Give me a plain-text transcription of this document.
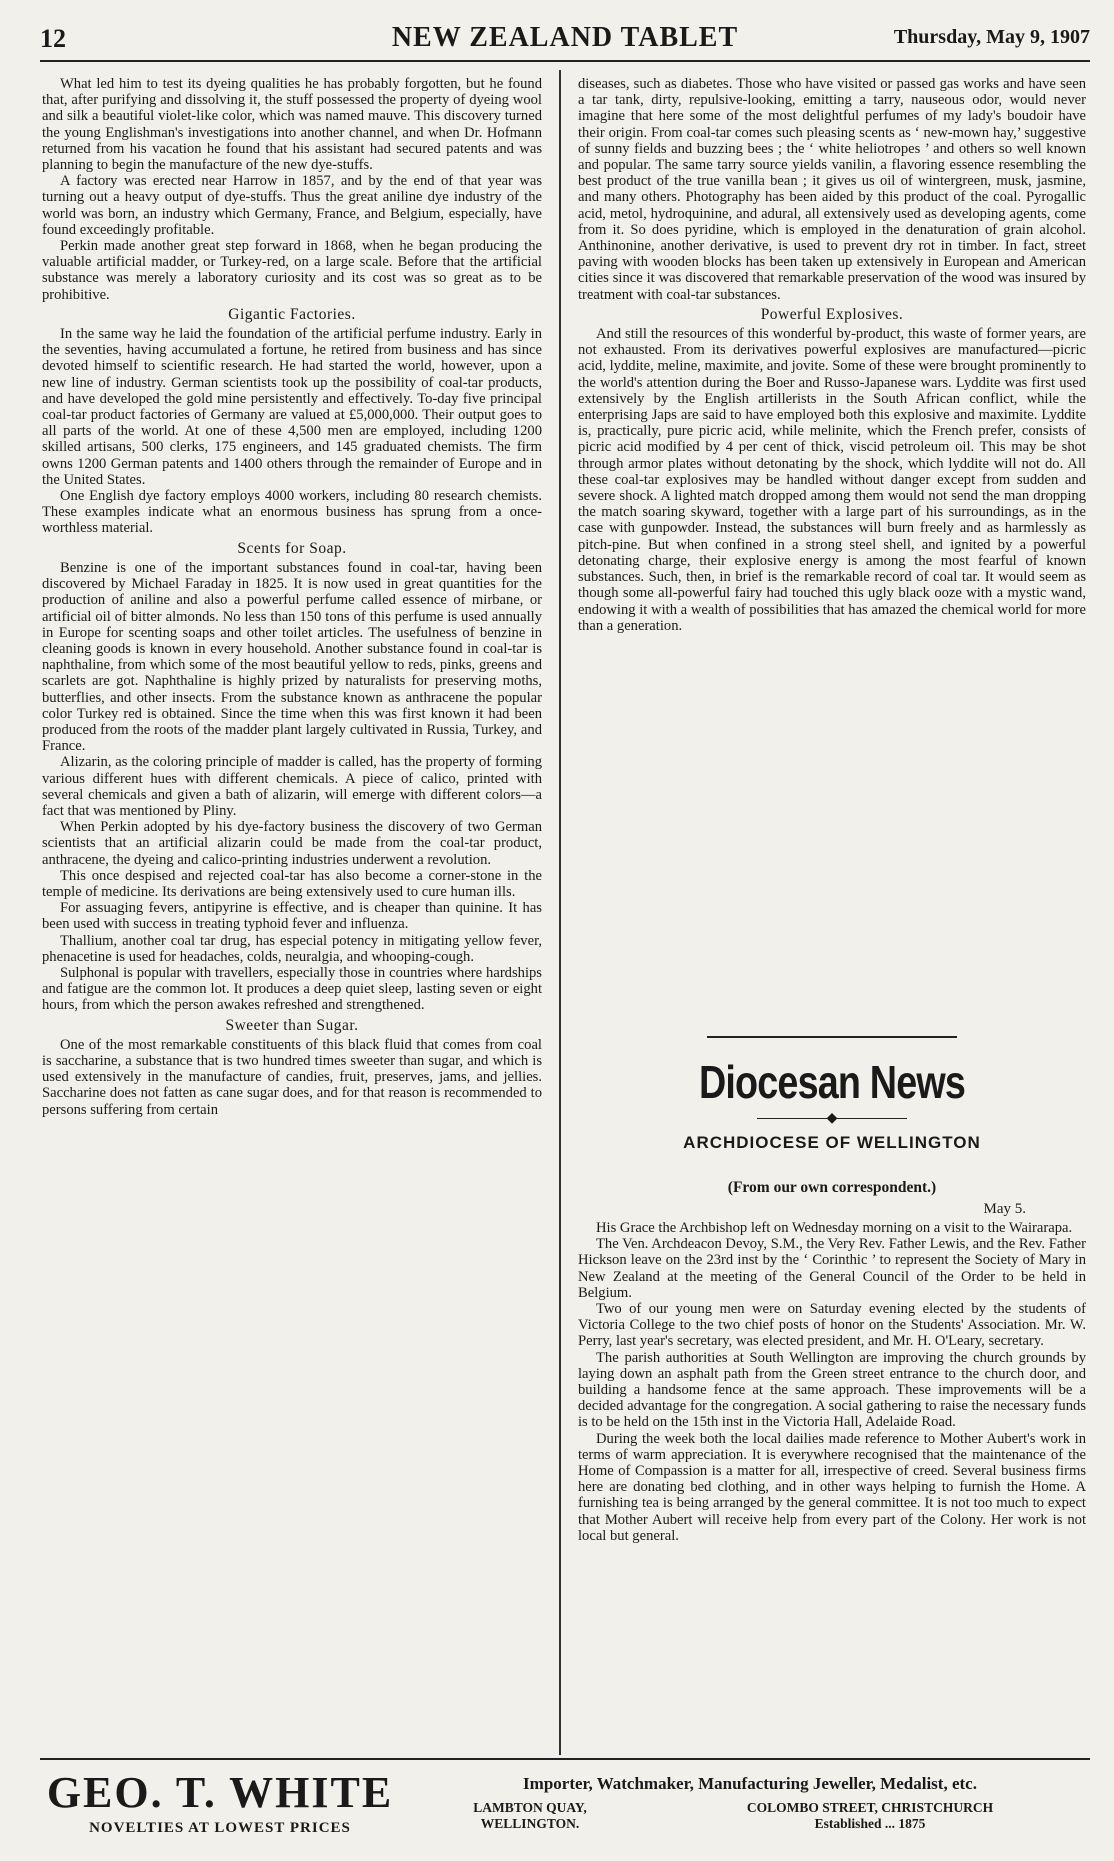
12	NEW ZEALAND TABLET	Thursday, May 9, 1907

What led him to test its dyeing qualities he has probably forgotten, but he found that, after purifying and dissolving it, the stuff possessed the property of dyeing wool and silk a beautiful violet-like color, which was named mauve. This discovery turned the young Englishman's investigations into another channel, and when Dr. Hofmann returned from his vacation he found that his assistant had secured patents and was planning to begin the manufacture of the new dye-stuffs.

A factory was erected near Harrow in 1857, and by the end of that year was turning out a heavy output of dye-stuffs. Thus the great aniline dye industry of the world was born, an industry which Germany, France, and Belgium, especially, have found exceedingly profitable.

Perkin made another great step forward in 1868, when he began producing the valuable artificial madder, or Turkey-red, on a large scale. Before that the artificial substance was merely a laboratory curiosity and its cost was so great as to be prohibitive.

Gigantic Factories.

In the same way he laid the foundation of the artificial perfume industry. Early in the seventies, having accumulated a fortune, he retired from business and has since devoted himself to scientific research. He had started the world, however, upon a new line of industry. German scientists took up the possibility of coal-tar products, and have developed the gold mine persistently and effectively. To-day five principal coal-tar product factories of Germany are valued at £5,000,000. Their output goes to all parts of the world. At one of these 4,500 men are employed, including 1200 skilled artisans, 500 clerks, 175 engineers, and 145 graduated chemists. The firm owns 1200 German patents and 1400 others through the remainder of Europe and in the United States.

One English dye factory employs 4000 workers, including 80 research chemists. These examples indicate what an enormous business has sprung from a once-worthless material.

Scents for Soap.

Benzine is one of the important substances found in coal-tar, having been discovered by Michael Faraday in 1825. It is now used in great quantities for the production of aniline and also a powerful perfume called essence of mirbane, or artificial oil of bitter almonds. No less than 150 tons of this perfume is used annually in Europe for scenting soaps and other toilet articles. The usefulness of benzine in cleaning goods is known in every household. Another substance found in coal-tar is naphthaline, from which some of the most beautiful yellow to reds, pinks, greens and scarlets are got. Naphthaline is highly prized by naturalists for preserving moths, butterflies, and other insects. From the substance known as anthracene the popular color Turkey red is obtained. Since the time when this was first known it had been produced from the roots of the madder plant largely cultivated in Russia, Turkey, and France.

Alizarin, as the coloring principle of madder is called, has the property of forming various different hues with different chemicals. A piece of calico, printed with several chemicals and given a bath of alizarin, will emerge with different colors—a fact that was mentioned by Pliny.

When Perkin adopted by his dye-factory business the discovery of two German scientists that an artificial alizarin could be made from the coal-tar product, anthracene, the dyeing and calico-printing industries underwent a revolution.

This once despised and rejected coal-tar has also become a corner-stone in the temple of medicine. Its derivations are being extensively used to cure human ills.

For assuaging fevers, antipyrine is effective, and is cheaper than quinine. It has been used with success in treating typhoid fever and influenza.

Thallium, another coal tar drug, has especial potency in mitigating yellow fever, phenacetine is used for headaches, colds, neuralgia, and whooping-cough.

Sulphonal is popular with travellers, especially those in countries where hardships and fatigue are the common lot. It produces a deep quiet sleep, lasting seven or eight hours, from which the person awakes refreshed and strengthened.

Sweeter than Sugar.

One of the most remarkable constituents of this black fluid that comes from coal is saccharine, a substance that is two hundred times sweeter than sugar, and which is used extensively in the manufacture of candies, fruit, preserves, jams, and jellies. Saccharine does not fatten as cane sugar does, and for that reason is recommended to persons suffering from certain

diseases, such as diabetes. Those who have visited or passed gas works and have seen a tar tank, dirty, repulsive-looking, emitting a tarry, nauseous odor, would never imagine that here some of the most delightful perfumes of my lady's boudoir have their origin. From coal-tar comes such pleasing scents as ‘ new-mown hay,’ suggestive of sunny fields and buzzing bees ; the ‘ white heliotropes ’ and others so well known and popular. The same tarry source yields vanilin, a flavoring essence resembling the best product of the true vanilla bean ; it gives us oil of wintergreen, musk, jasmine, and many others. Photography has been aided by this product of the coal. Pyrogallic acid, metol, hydroquinine, and adural, all extensively used as developing agents, come from it. So does pyridine, which is employed in the denaturation of grain alcohol. Anthinonine, another derivative, is used to prevent dry rot in timber. In fact, street paving with wooden blocks has been taken up extensively in European and American cities since it was discovered that remarkable preservation of the wood was insured by treatment with coal-tar substances.

Powerful Explosives.

And still the resources of this wonderful by-product, this waste of former years, are not exhausted. From its derivatives powerful explosives are manufactured—picric acid, lyddite, meline, maximite, and jovite. Some of these were brought prominently to the world's attention during the Boer and Russo-Japanese wars. Lyddite was first used extensively by the English artillerists in the South African conflict, while the enterprising Japs are said to have employed both this explosive and maximite. Lyddite is, practically, pure picric acid, while melinite, which the French prefer, consists of picric acid modified by 4 per cent of thick, viscid petroleum oil. This may be shot through armor plates without detonating by the shock, which lyddite will not do. All these coal-tar explosives may be handled without danger except from sudden and severe shock. A lighted match dropped among them would not send the man dropping the match soaring skyward, together with a large part of his surroundings, as in the case with gunpowder. Instead, the substances will burn freely and as harmlessly as pitch-pine. But when confined in a strong steel shell, and ignited by a powerful detonating charge, their explosive energy is among the most fearful of known substances. Such, then, in brief is the remarkable record of coal tar. It would seem as though some all-powerful fairy had touched this ugly black ooze with a mystic wand, endowing it with a wealth of possibilities that has amazed the chemical world for more than a generation.

Diocesan News
◆
ARCHDIOCESE OF WELLINGTON
(From our own correspondent.)
May 5.

His Grace the Archbishop left on Wednesday morning on a visit to the Wairarapa.

The Ven. Archdeacon Devoy, S.M., the Very Rev. Father Lewis, and the Rev. Father Hickson leave on the 23rd inst by the ‘ Corinthic ’ to represent the Society of Mary in New Zealand at the meeting of the General Council of the Order to be held in Belgium.

Two of our young men were on Saturday evening elected by the students of Victoria College to the two chief posts of honor on the Students' Association. Mr. W. Perry, last year's secretary, was elected president, and Mr. H. O'Leary, secretary.

The parish authorities at South Wellington are improving the church grounds by laying down an asphalt path from the Green street entrance to the church door, and building a handsome fence at the same approach. These improvements will be a decided advantage for the congregation. A social gathering to raise the necessary funds is to be held on the 15th inst in the Victoria Hall, Adelaide Road.

During the week both the local dailies made reference to Mother Aubert's work in terms of warm appreciation. It is everywhere recognised that the maintenance of the Home of Compassion is a matter for all, irrespective of creed. Several business firms here are donating bed clothing, and in other ways helping to furnish the Home. A furnishing tea is being arranged by the general committee. It is not too much to expect that Mother Aubert will receive help from every part of the Colony. Her work is not local but general.

GEO. T. WHITE
NOVELTIES AT LOWEST PRICES
Importer, Watchmaker, Manufacturing Jeweller, Medalist, etc.
LAMBTON QUAY,
WELLINGTON.
COLOMBO STREET, CHRISTCHURCH
Established ... 1875
